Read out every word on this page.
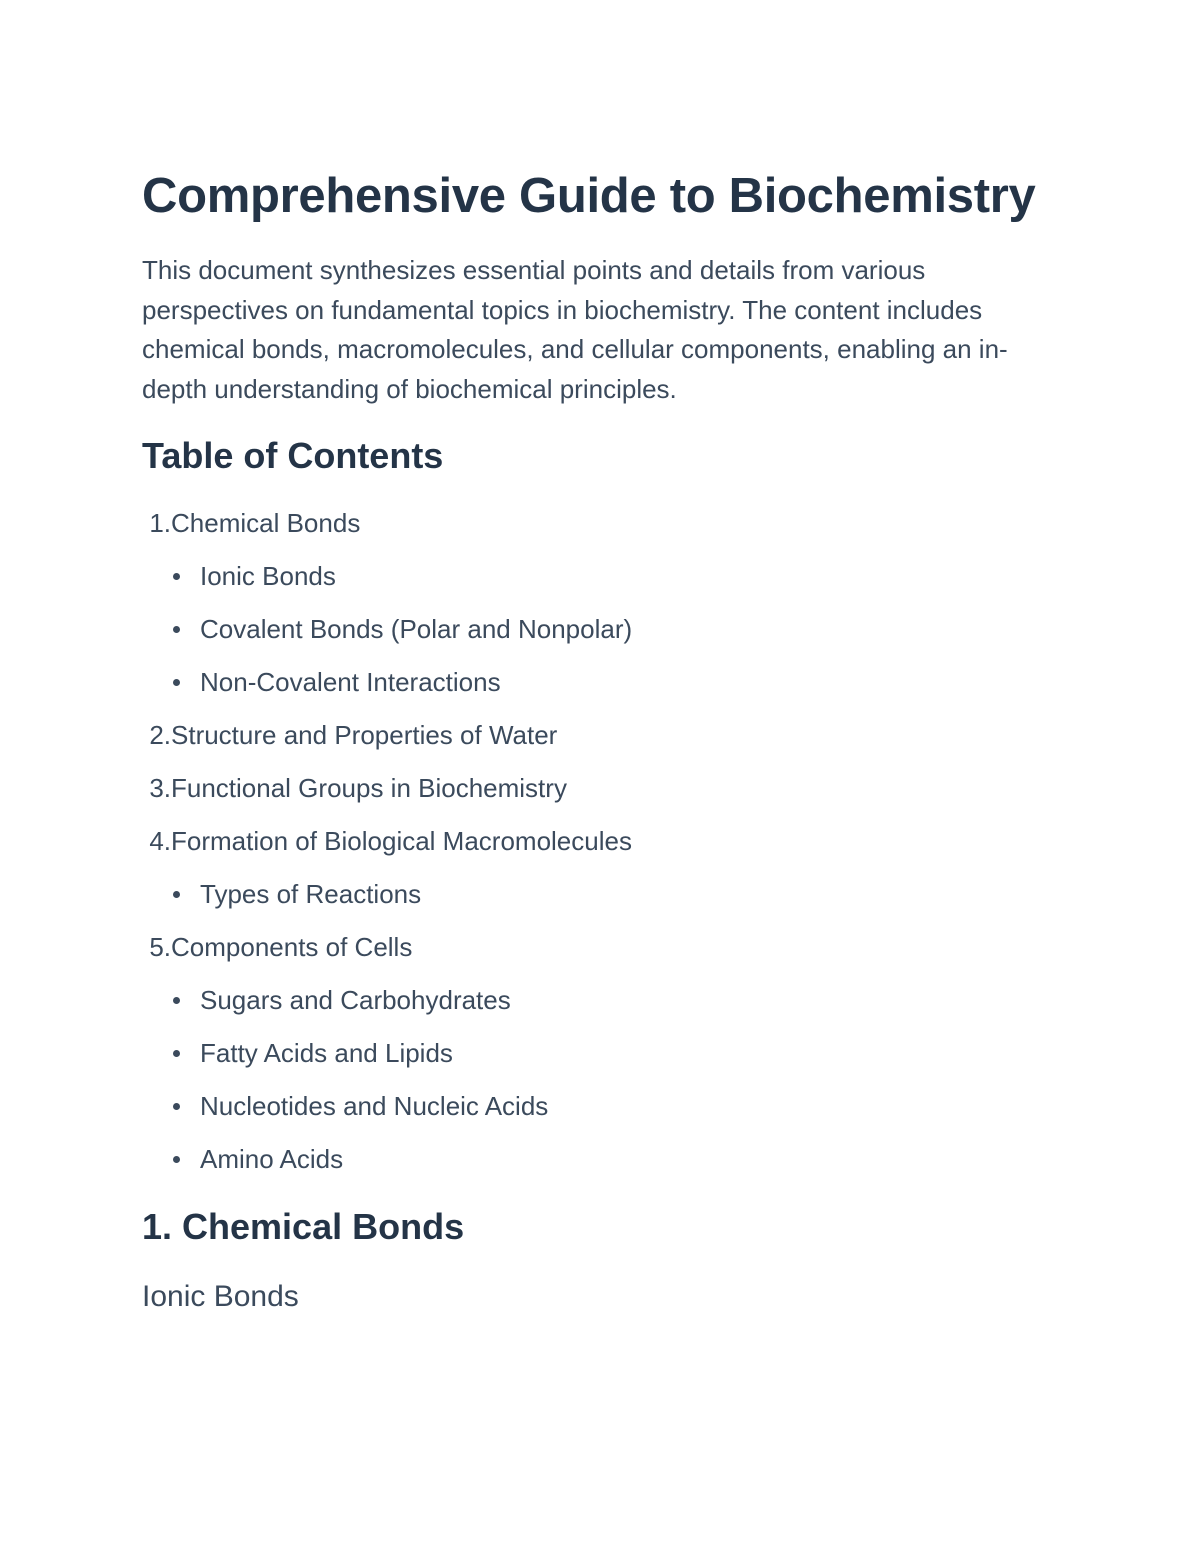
Comprehensive Guide to Biochemistry

This document synthesizes essential points and details from various perspectives on fundamental topics in biochemistry. The content includes chemical bonds, macromolecules, and cellular components, enabling an in-depth understanding of biochemical principles.

Table of Contents
1. Chemical Bonds
Ionic Bonds
Covalent Bonds (Polar and Nonpolar)
Non-Covalent Interactions
2. Structure and Properties of Water
3. Functional Groups in Biochemistry
4. Formation of Biological Macromolecules
Types of Reactions
5. Components of Cells
Sugars and Carbohydrates
Fatty Acids and Lipids
Nucleotides and Nucleic Acids
Amino Acids
1. Chemical Bonds
Ionic Bonds
